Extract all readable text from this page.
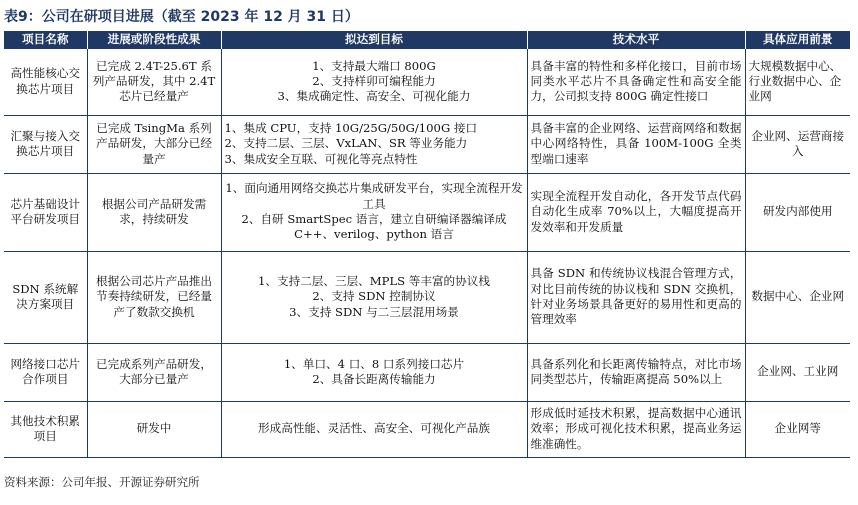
表9：公司在研项目进展（截至 2023 年 12 月 31 日）
项目名称	进展或阶段性成果	拟达到目标	技术水平	具体应用前景
高性能核心交换芯片项目	已完成 2.4T-25.6T 系列产品研发，其中 2.4T 芯片已经量产	1、支持最大端口 800G
2、支持样卯可编程能力
3、集成确定性、高安全、可视化能力	具备丰富的特性和多样化接口，目前市场同类水平芯片不具备确定性和高安全能力，公司拟支持 800G 确定性接口	大规模数据中心、行业数据中心、企业网
汇聚与接入交换芯片项目	已完成 TsingMa 系列产品研发，大部分已经量产	1、集成 CPU，支持 10G/25G/50G/100G 接口
2、支持二层、三层、VxLAN、SR 等业务能力
3、集成安全互联、可视化等亮点特性	具备丰富的企业网络、运营商网络和数据中心网络特性，具备 100M-100G 全类型端口速率	企业网、运营商接入
芯片基础设计平台研发项目	根据公司产品研发需求，持续研发	1、面向通用网络交换芯片集成研发平台，实现全流程开发工具
2、自研 SmartSpec 语言，建立自研编译器编译成 C++、verilog、python 语言	实现全流程开发自动化，各开发节点代码自动化生成率 70%以上，大幅度提高开发效率和开发质量	研发内部使用
SDN 系统解决方案项目	根据公司芯片产品推出节奏持续研发，已经量产了数款交换机	1、支持二层、三层、MPLS 等丰富的协议栈
2、支持 SDN 控制协议
3、支持 SDN 与二三层混用场景	具备 SDN 和传统协议栈混合管理方式，对比目前传统的协议栈和 SDN 交换机，针对业务场景具备更好的易用性和更高的管理效率	数据中心、企业网
网络接口芯片合作项目	已完成系列产品研发，大部分已量产	1、单口、4 口、8 口系列接口芯片
2、具备长距离传输能力	具备系列化和长距离传输特点，对比市场同类型芯片，传输距离提高 50%以上	企业网、工业网
其他技术积累项目	研发中	形成高性能、灵活性、高安全、可视化产品族	形成低时延技术积累，提高数据中心通讯效率；形成可视化技术积累，提高业务运维准确性。	企业网等
资料来源：公司年报、开源证券研究所
